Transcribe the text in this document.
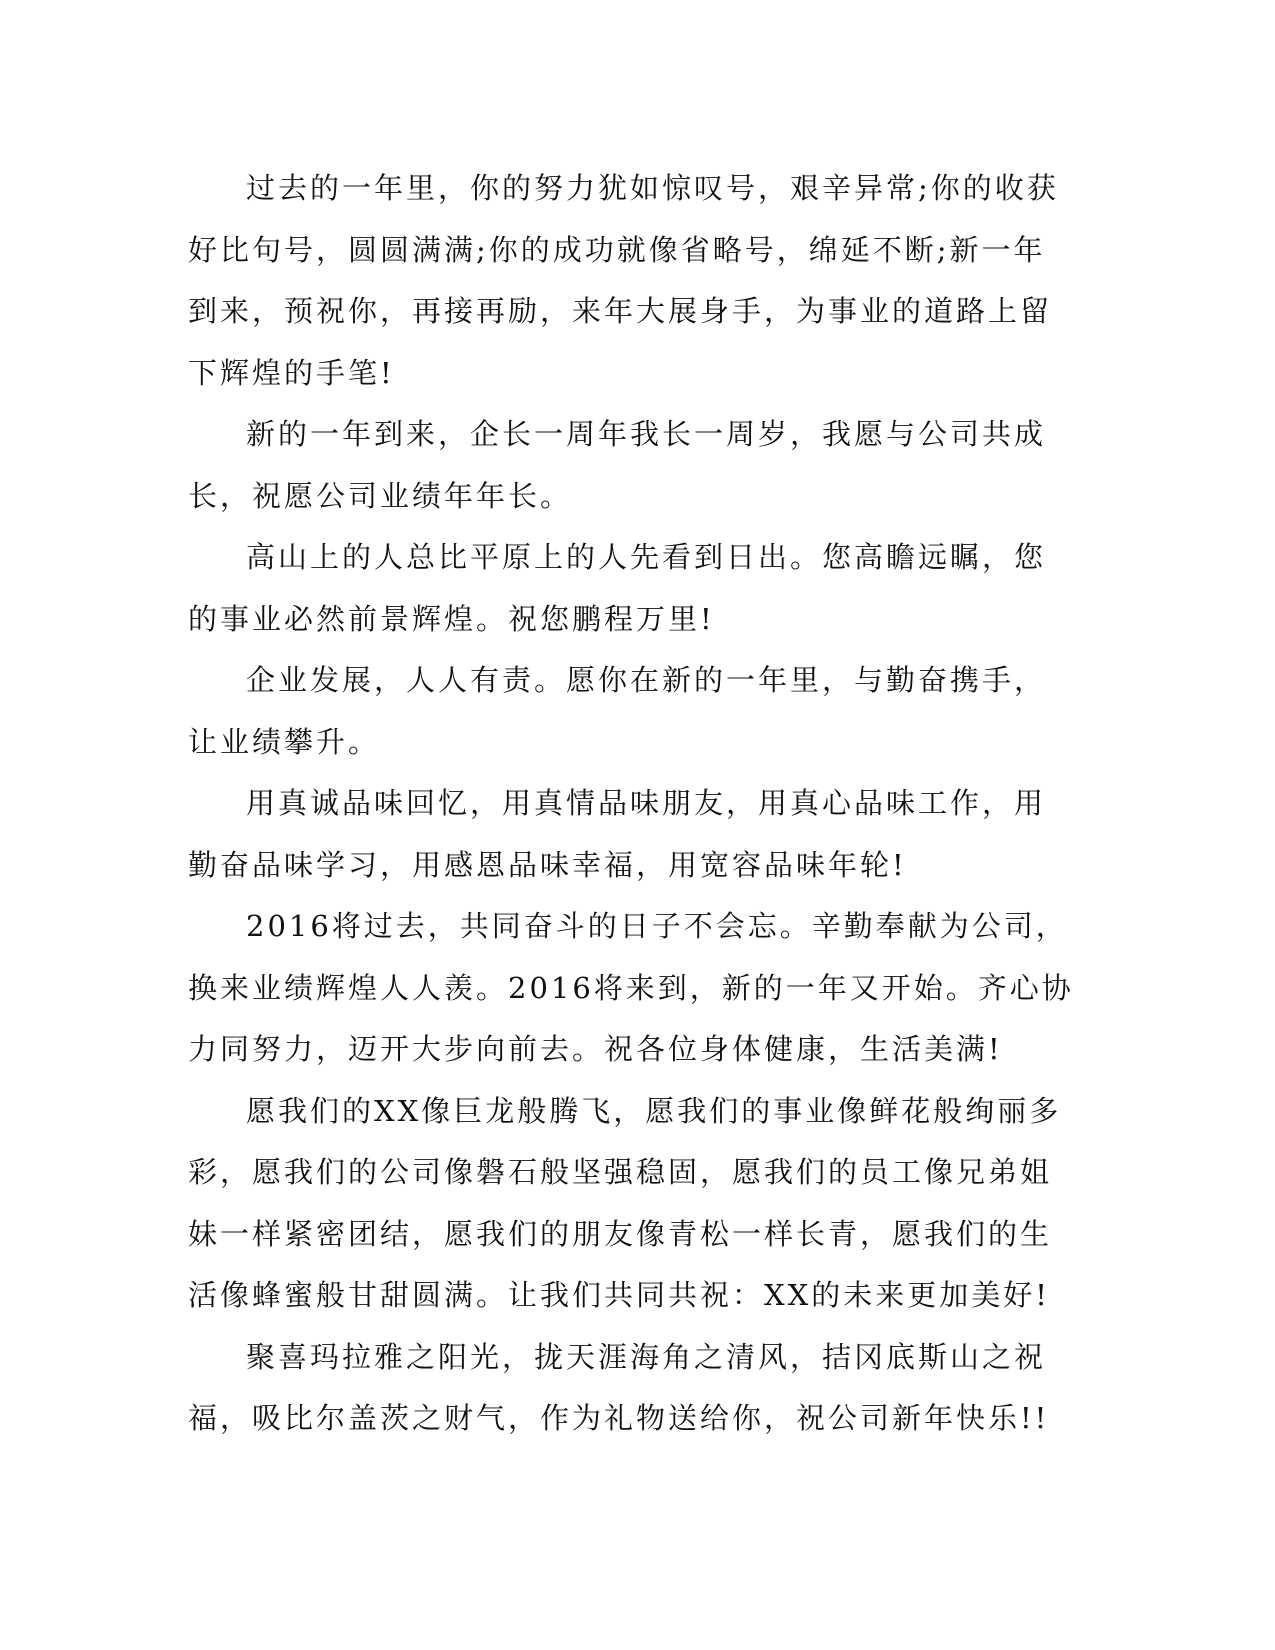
过去的一年里，你的努力犹如惊叹号，艰辛异常;你的收获好比句号，圆圆满满;你的成功就像省略号，绵延不断;新一年到来，预祝你，再接再励，来年大展身手，为事业的道路上留下辉煌的手笔!

新的一年到来，企长一周年我长一周岁，我愿与公司共成长，祝愿公司业绩年年长。

高山上的人总比平原上的人先看到日出。您高瞻远瞩，您的事业必然前景辉煌。祝您鹏程万里!

企业发展，人人有责。愿你在新的一年里，与勤奋携手，让业绩攀升。

用真诚品味回忆，用真情品味朋友，用真心品味工作，用勤奋品味学习，用感恩品味幸福，用宽容品味年轮!

2016将过去，共同奋斗的日子不会忘。辛勤奉献为公司，换来业绩辉煌人人羡。2016将来到，新的一年又开始。齐心协力同努力，迈开大步向前去。祝各位身体健康，生活美满!

愿我们的XX像巨龙般腾飞，愿我们的事业像鲜花般绚丽多彩，愿我们的公司像磐石般坚强稳固，愿我们的员工像兄弟姐妹一样紧密团结，愿我们的朋友像青松一样长青，愿我们的生活像蜂蜜般甘甜圆满。让我们共同共祝：XX的未来更加美好!

聚喜玛拉雅之阳光，拢天涯海角之清风，拮冈底斯山之祝福，吸比尔盖茨之财气，作为礼物送给你，祝公司新年快乐!!
